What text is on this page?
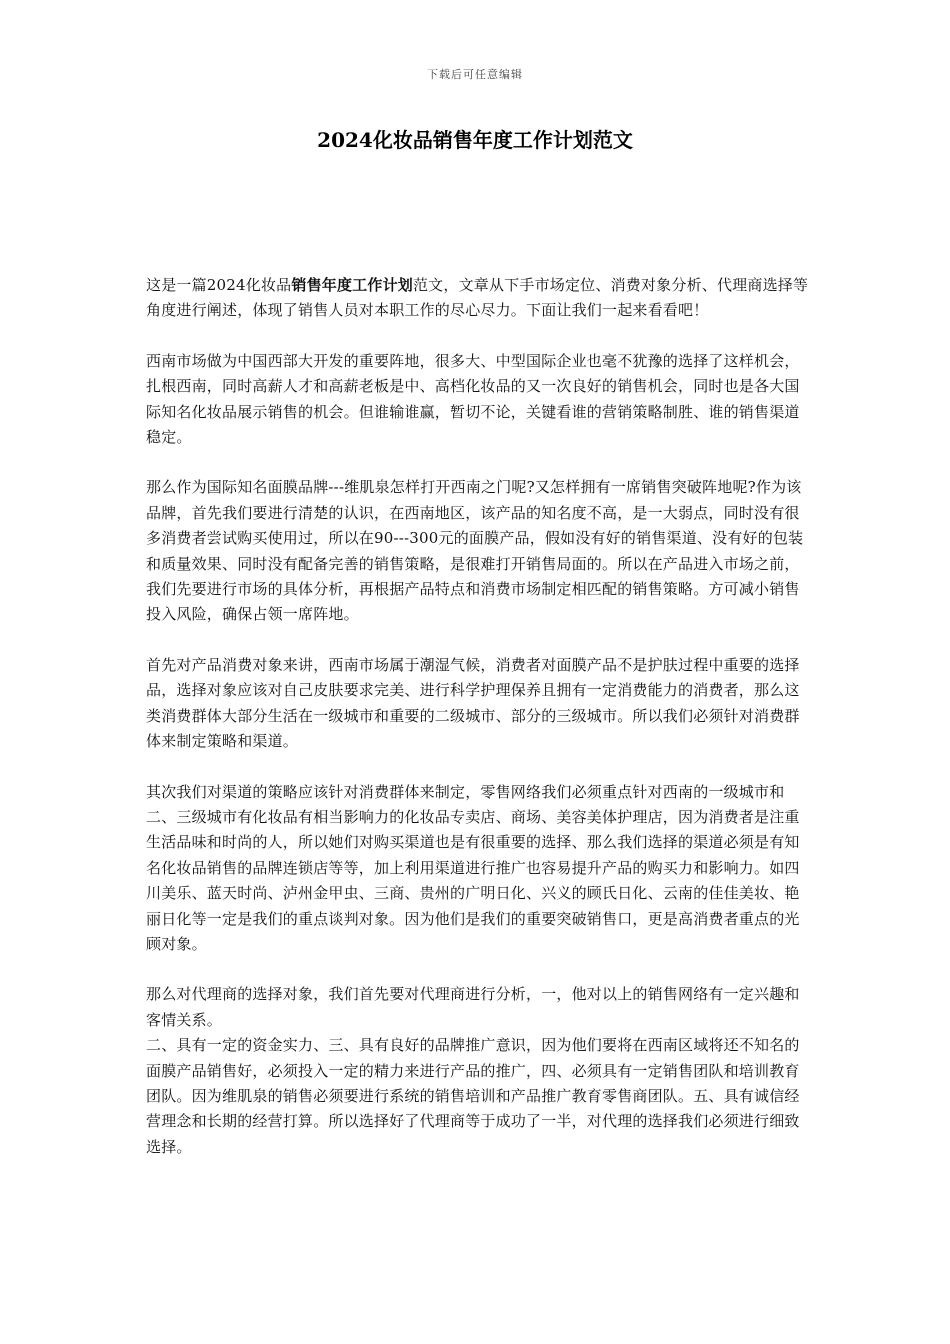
下载后可任意编辑
2024化妆品销售年度工作计划范文

这是一篇2024化妆品销售年度工作计划范文，文章从下手市场定位、消费对象分析、代理商选择等角度进行阐述，体现了销售人员对本职工作的尽心尽力。下面让我们一起来看看吧！

西南市场做为中国西部大开发的重要阵地，很多大、中型国际企业也毫不犹豫的选择了这样机会，扎根西南，同时高薪人才和高薪老板是中、高档化妆品的又一次良好的销售机会，同时也是各大国际知名化妆品展示销售的机会。但谁输谁赢，暂切不论，关键看谁的营销策略制胜、谁的销售渠道稳定。

那么作为国际知名面膜品牌---维肌泉怎样打开西南之门呢?又怎样拥有一席销售突破阵地呢?作为该品牌，首先我们要进行清楚的认识，在西南地区，该产品的知名度不高，是一大弱点，同时没有很多消费者尝试购买使用过，所以在90---300元的面膜产品，假如没有好的销售渠道、没有好的包装和质量效果、同时没有配备完善的销售策略，是很难打开销售局面的。所以在产品进入市场之前，我们先要进行市场的具体分析，再根据产品特点和消费市场制定相匹配的销售策略。方可减小销售投入风险，确保占领一席阵地。

首先对产品消费对象来讲，西南市场属于潮湿气候，消费者对面膜产品不是护肤过程中重要的选择品，选择对象应该对自己皮肤要求完美、进行科学护理保养且拥有一定消费能力的消费者，那么这类消费群体大部分生活在一级城市和重要的二级城市、部分的三级城市。所以我们必须针对消费群体来制定策略和渠道。

其次我们对渠道的策略应该针对消费群体来制定，零售网络我们必须重点针对西南的一级城市和二、三级城市有化妆品有相当影响力的化妆品专卖店、商场、美容美体护理店，因为消费者是注重生活品味和时尚的人，所以她们对购买渠道也是有很重要的选择、那么我们选择的渠道必须是有知名化妆品销售的品牌连锁店等等，加上利用渠道进行推广也容易提升产品的购买力和影响力。如四川美乐、蓝天时尚、泸州金甲虫、三商、贵州的广明日化、兴义的顾氏日化、云南的佳佳美妆、艳丽日化等一定是我们的重点谈判对象。因为他们是我们的重要突破销售口，更是高消费者重点的光顾对象。

那么对代理商的选择对象，我们首先要对代理商进行分析，一，他对以上的销售网络有一定兴趣和客情关系。

二、具有一定的资金实力、三、具有良好的品牌推广意识，因为他们要将在西南区域将还不知名的面膜产品销售好，必须投入一定的精力来进行产品的推广，四、必须具有一定销售团队和培训教育团队。因为维肌泉的销售必须要进行系统的销售培训和产品推广教育零售商团队。五、具有诚信经营理念和长期的经营打算。所以选择好了代理商等于成功了一半，对代理的选择我们必须进行细致选择。
